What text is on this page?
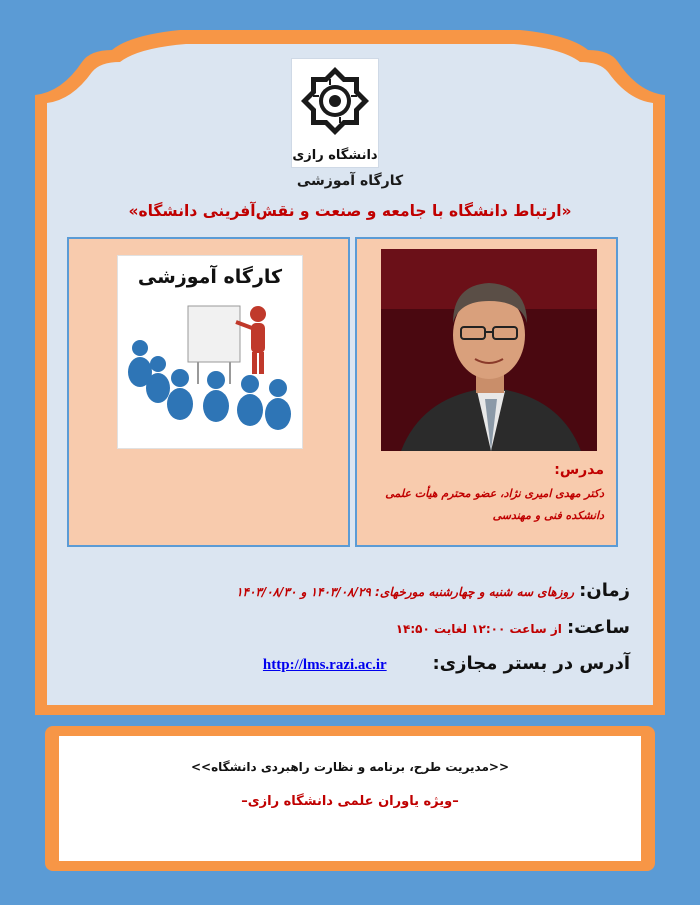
دانشگاه رازی
کارگاه آموزشی
«ارتباط دانشگاه با جامعه و صنعت و نقش‌آفرینی دانشگاه»
کارگاه آموزشی
مدرس:
دکتر مهدی امیری نژاد، عضو محترم هیأت علمی
دانشکده فنی و مهندسی
زمان: روزهای سه شنبه و چهارشنبه مورخهای: ۱۴۰۳/۰۸/۲۹ و ۱۴۰۳/۰۸/۳۰
ساعت: از ساعت ۱۲:۰۰ لغایت ۱۴:۵۰
آدرس در بستر مجازی:         http://lms.razi.ac.ir
<<مدیریت طرح، برنامه و نظارت راهبردی دانشگاه>>
–ویژه یاوران علمی دانشگاه رازی–
